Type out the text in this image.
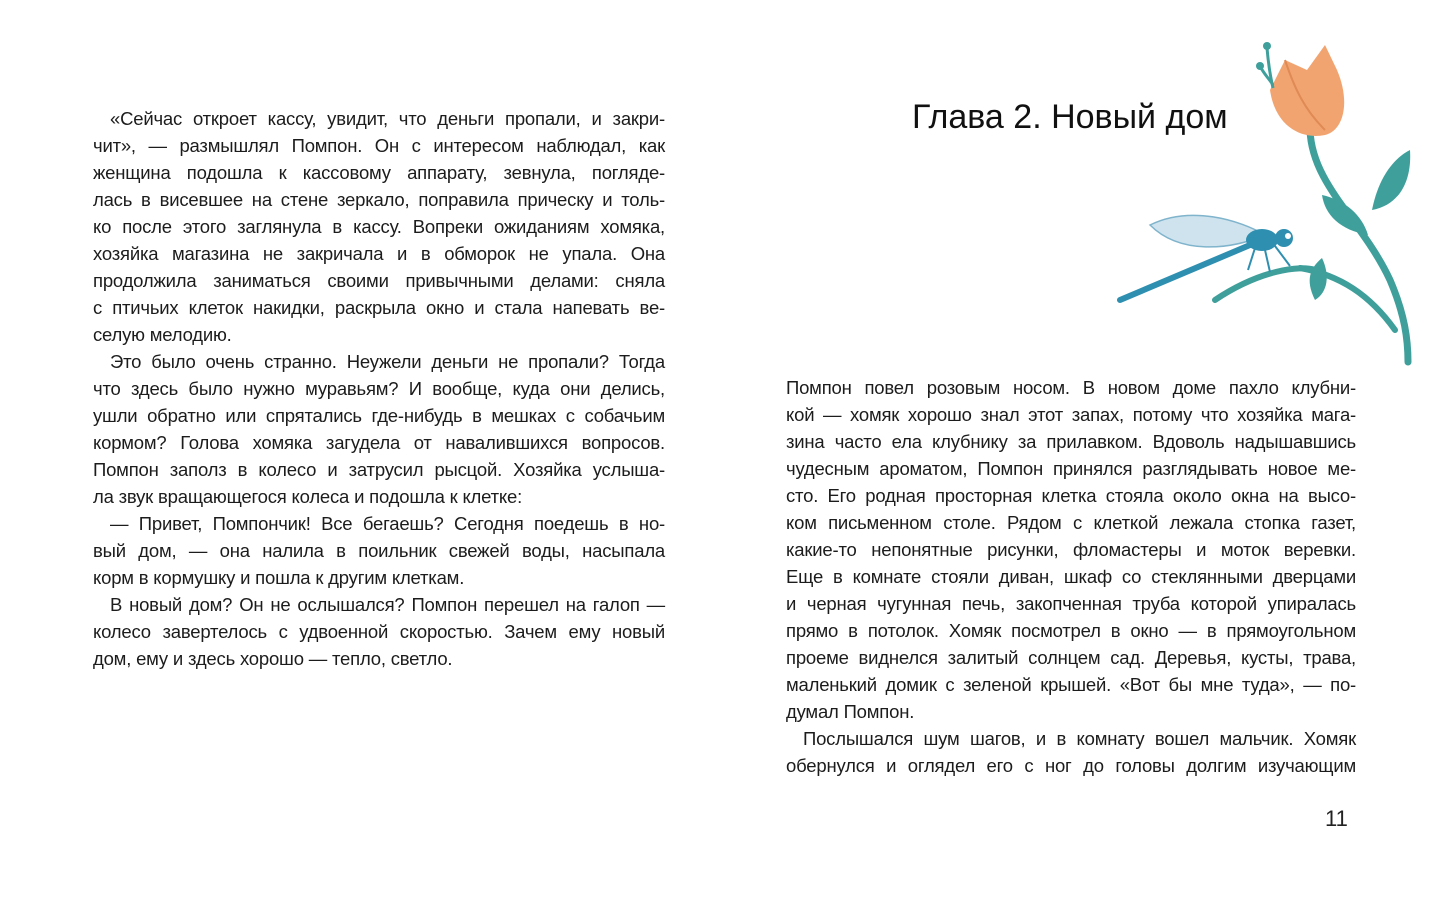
«Сейчас откроет кассу, увидит, что деньги пропали, и закри-
чит», — размышлял Помпон. Он с интересом наблюдал, как
женщина подошла к кассовому аппарату, зевнула, погляде-
лась в висевшее на стене зеркало, поправила прическу и толь-
ко после этого заглянула в кассу. Вопреки ожиданиям хомяка,
хозяйка магазина не закричала и в обморок не упала. Она
продолжила заниматься своими привычными делами: сняла
с птичьих клеток накидки, раскрыла окно и стала напевать ве-
селую мелодию.
Это было очень странно. Неужели деньги не пропали? Тогда
что здесь было нужно муравьям? И вообще, куда они делись,
ушли обратно или спрятались где-нибудь в мешках с собачьим
кормом? Голова хомяка загудела от навалившихся вопросов.
Помпон заполз в колесо и затрусил рысцой. Хозяйка услыша-
ла звук вращающегося колеса и подошла к клетке:
— Привет, Помпончик! Все бегаешь? Сегодня поедешь в но-
вый дом, — она налила в поильник свежей воды, насыпала
корм в кормушку и пошла к другим клеткам.
В новый дом? Он не ослышался? Помпон перешел на галоп —
колесо завертелось с удвоенной скоростью. Зачем ему новый
дом, ему и здесь хорошо — тепло, светло.
Помпон повел розовым носом. В новом доме пахло клубни-
кой — хомяк хорошо знал этот запах, потому что хозяйка мага-
зина часто ела клубнику за прилавком. Вдоволь надышавшись
чудесным ароматом, Помпон принялся разглядывать новое ме-
сто. Его родная просторная клетка стояла около окна на высо-
ком письменном столе. Рядом с клеткой лежала стопка газет,
какие-то непонятные рисунки, фломастеры и моток веревки.
Еще в комнате стояли диван, шкаф со стеклянными дверцами
и черная чугунная печь, закопченная труба которой упиралась
прямо в потолок. Хомяк посмотрел в окно — в прямоугольном
проеме виднелся залитый солнцем сад. Деревья, кусты, трава,
маленький домик с зеленой крышей. «Вот бы мне туда», — по-
думал Помпон.
Послышался шум шагов, и в комнату вошел мальчик. Хомяк
обернулся и оглядел его с ног до головы долгим изучающим
Глава 2. Новый дом
11
